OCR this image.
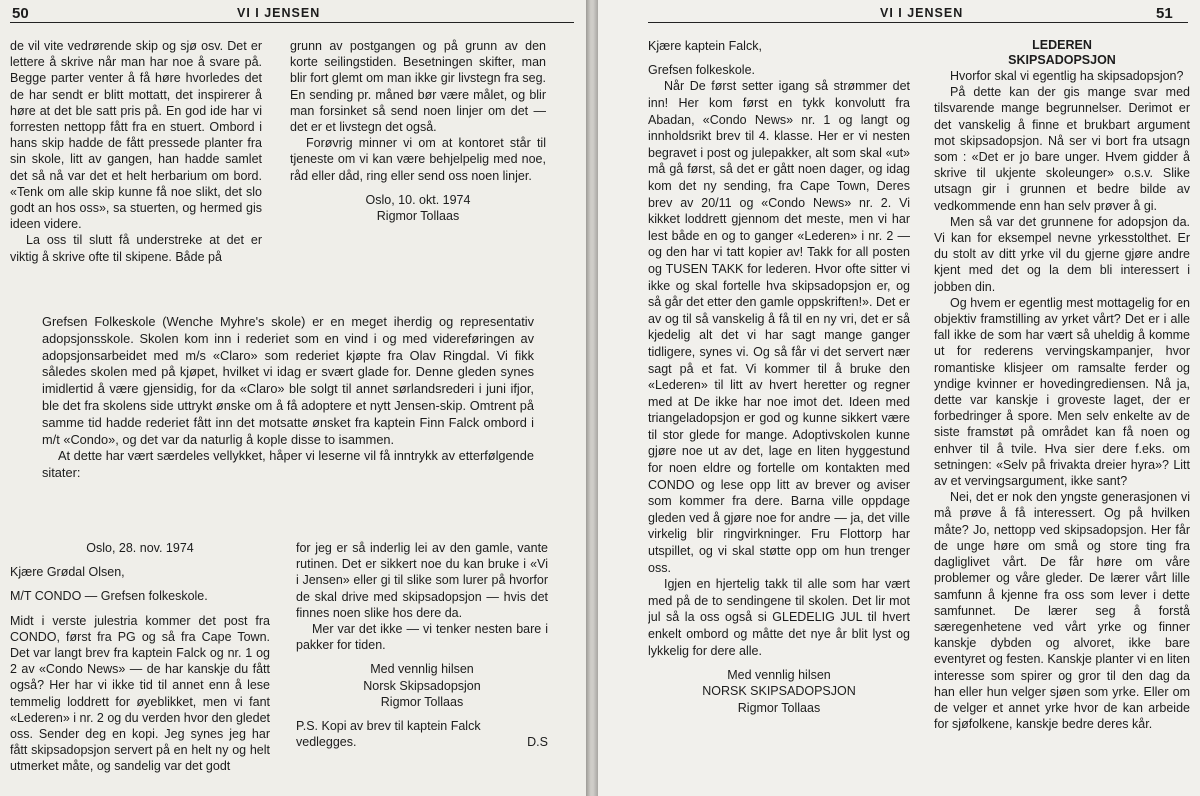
50	VI I JENSEN

de vil vite vedrørende skip og sjø osv. Det er lettere å skrive når man har noe å svare på. Begge parter venter å få høre hvorledes det de har sendt er blitt mottatt, det inspirerer å høre at det ble satt pris på. En god ide har vi forresten nettopp fått fra en stuert. Ombord i hans skip hadde de fått pressede planter fra sin skole, litt av gangen, han hadde samlet det så nå var det et helt herbarium om bord. «Tenk om alle skip kunne få noe slikt, det slo godt an hos oss», sa stuerten, og hermed gis ideen videre.

La oss til slutt få understreke at det er viktig å skrive ofte til skipene. Både på

grunn av postgangen og på grunn av den korte seilingstiden. Besetningen skifter, man blir fort glemt om man ikke gir livstegn fra seg. En sending pr. måned bør være målet, og blir man forsinket så send noen linjer om det — det er et livstegn det også.

Forøvrig minner vi om at kontoret står til tjeneste om vi kan være behjelpelig med noe, råd eller dåd, ring eller send oss noen linjer.

Oslo, 10. okt. 1974
Rigmor Tollaas

Grefsen Folkeskole (Wenche Myhre's skole) er en meget iherdig og representativ adopsjonsskole. Skolen kom inn i rederiet som en vind i og med videreføringen av adopsjonsarbeidet med m/s «Claro» som rederiet kjøpte fra Olav Ringdal. Vi fikk således skolen med på kjøpet, hvilket vi idag er svært glade for. Denne gleden synes imidlertid å være gjensidig, for da «Claro» ble solgt til annet sørlandsrederi i juni ifjor, ble det fra skolens side uttrykt ønske om å få adoptere et nytt Jensen-skip. Omtrent på samme tid hadde rederiet fått inn det motsatte ønsket fra kaptein Finn Falck ombord i m/t «Condo», og det var da naturlig å kople disse to isammen.

At dette har vært særdeles vellykket, håper vi leserne vil få inntrykk av etterfølgende sitater:

Oslo, 28. nov. 1974
Kjære Grødal Olsen,
M/T CONDO — Grefsen folkeskole.

Midt i verste julestria kommer det post fra CONDO, først fra PG og så fra Cape Town. Det var langt brev fra kaptein Falck og nr. 1 og 2 av «Condo News» — de har kanskje du fått også? Her har vi ikke tid til annet enn å lese temmelig loddrett for øyeblikket, men vi fant «Lederen» i nr. 2 og du verden hvor den gledet oss. Sender deg en kopi. Jeg synes jeg har fått skipsadopsjon servert på en helt ny og helt utmerket måte, og sandelig var det godt

for jeg er så inderlig lei av den gamle, vante rutinen. Det er sikkert noe du kan bruke i «Vi i Jensen» eller gi til slike som lurer på hvorfor de skal drive med skipsadopsjon — hvis det finnes noen slike hos dere da.

Mer var det ikke — vi tenker nesten bare i pakker for tiden.

Med vennlig hilsen
Norsk Skipsadopsjon
Rigmor Tollaas
P.S. Kopi av brev til kaptein Falck vedlegges.	D.S
VI I JENSEN	51
Kjære kaptein Falck,
Grefsen folkeskole.

Når De først setter igang så strømmer det inn! Her kom først en tykk konvolutt fra Abadan, «Condo News» nr. 1 og langt og innholdsrikt brev til 4. klasse. Her er vi nesten begravet i post og julepakker, alt som skal «ut» må gå først, så det er gått noen dager, og idag kom det ny sending, fra Cape Town, Deres brev av 20/11 og «Condo News» nr. 2. Vi kikket loddrett gjennom det meste, men vi har lest både en og to ganger «Lederen» i nr. 2 — og den har vi tatt kopier av! Takk for all posten og TUSEN TAKK for lederen. Hvor ofte sitter vi ikke og skal fortelle hva skipsadopsjon er, og så går det etter den gamle oppskriften!». Det er av og til så vanskelig å få til en ny vri, det er så kjedelig alt det vi har sagt mange ganger tidligere, synes vi. Og så får vi det servert nær sagt på et fat. Vi kommer til å bruke den «Lederen» til litt av hvert heretter og regner med at De ikke har noe imot det. Ideen med triangeladopsjon er god og kunne sikkert være til stor glede for mange. Adoptivskolen kunne gjøre noe ut av det, lage en liten hyggestund for noen eldre og fortelle om kontakten med CONDO og lese opp litt av brever og aviser som kommer fra dere. Barna ville oppdage gleden ved å gjøre noe for andre — ja, det ville virkelig blir ringvirkninger. Fru Flottorp har utspillet, og vi skal støtte opp om hun trenger oss.

Igjen en hjertelig takk til alle som har vært med på de to sendingene til skolen. Det lir mot jul så la oss også si GLEDELIG JUL til hvert enkelt ombord og måtte det nye år blit lyst og lykkelig for dere alle.

Med vennlig hilsen
NORSK SKIPSADOPSJON
Rigmor Tollaas
LEDEREN
SKIPSADOPSJON

Hvorfor skal vi egentlig ha skipsadopsjon?

På dette kan der gis mange svar med tilsvarende mange begrunnelser. Derimot er det vanskelig å finne et brukbart argument mot skipsadopsjon. Nå ser vi bort fra utsagn som : «Det er jo bare unger. Hvem gidder å skrive til ukjente skoleunger» o.s.v. Slike utsagn gir i grunnen et bedre bilde av vedkommende enn han selv prøver å gi.

Men så var det grunnene for adopsjon da. Vi kan for eksempel nevne yrkesstolthet. Er du stolt av ditt yrke vil du gjerne gjøre andre kjent med det og la dem bli interessert i jobben din.

Og hvem er egentlig mest mottagelig for en objektiv framstilling av yrket vårt? Det er i alle fall ikke de som har vært så uheldig å komme ut for rederens vervingskampanjer, hvor romantiske klisjeer om ramsalte ferder og yndige kvinner er hovedingrediensen. Nå ja, dette var kanskje i groveste laget, der er forbedringer å spore. Men selv enkelte av de siste framstøt på området kan få noen og enhver til å tvile. Hva sier dere f.eks. om setningen: «Selv på frivakta dreier hyra»? Litt av et vervingsargument, ikke sant?

Nei, det er nok den yngste generasjonen vi må prøve å få interessert. Og på hvilken måte? Jo, nettopp ved skipsadopsjon. Her får de unge høre om små og store ting fra dagliglivet vårt. De får høre om våre problemer og våre gleder. De lærer vårt lille samfunn å kjenne fra oss som lever i dette samfunnet. De lærer seg å forstå særegenhetene ved vårt yrke og finner kanskje dybden og alvoret, ikke bare eventyret og festen. Kanskje planter vi en liten interesse som spirer og gror til den dag da han eller hun velger sjøen som yrke. Eller om de velger et annet yrke hvor de kan arbeide for sjøfolkene, kanskje bedre deres kår.
